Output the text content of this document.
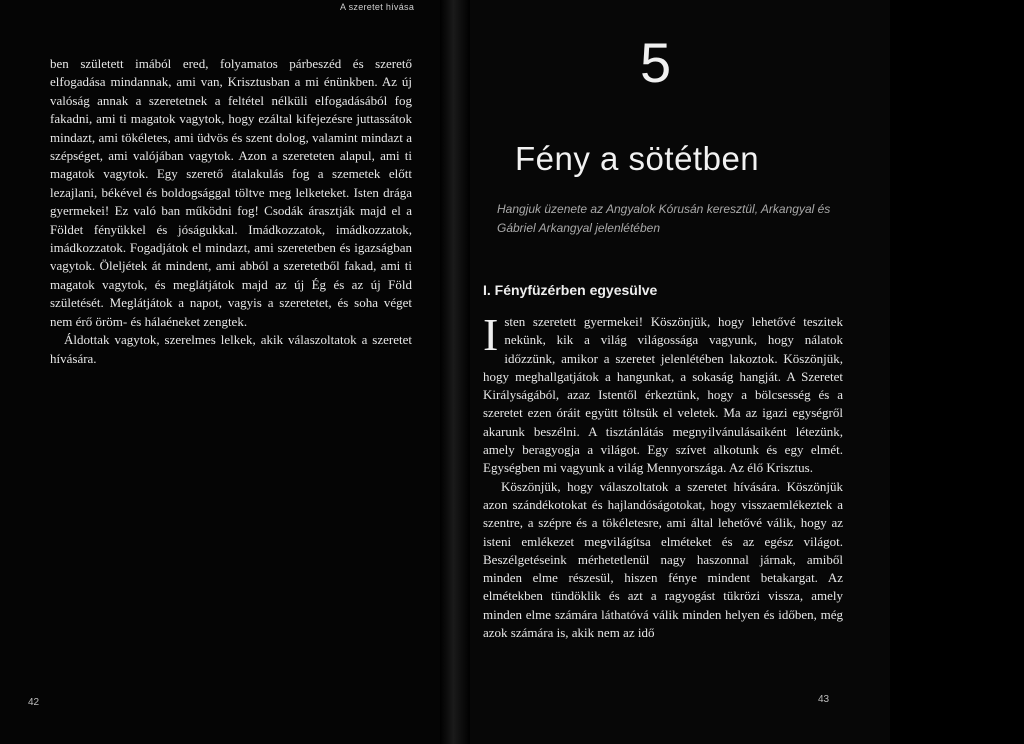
A szeretet hívása

ben született imából ered, folyamatos párbeszéd és szerető elfogadása mindannak, ami van, Krisztusban a mi énünkben. Az új valóság annak a szeretetnek a feltétel nélküli elfogadásából fog fakadni, ami ti magatok vagytok, hogy ezáltal kifejezésre juttassátok mindazt, ami tökéletes, ami üdvös és szent dolog, valamint mindazt a szépséget, ami valójában vagytok. Azon a szereteten alapul, ami ti magatok vagytok. Egy szerető átalakulás fog a szemetek előtt lezajlani, békével és boldogsággal töltve meg lelketeket. Isten drága gyermekei! Ez való ban működni fog! Csodák árasztják majd el a Földet fényükkel és jóságukkal. Imádkozzatok, imádkozzatok, imádkozzatok. Fogadjátok el mindazt, ami szeretetben és igazságban vagytok. Öleljétek át mindent, ami abból a szeretetből fakad, ami ti magatok vagytok, és meglátjátok majd az új Ég és az új Föld születését. Meglátjátok a napot, vagyis a szeretetet, és soha véget nem érő öröm- és hálaéneket zengtek.

Áldottak vagytok, szerelmes lelkek, akik válaszoltatok a szeretet hívására.

42
5
Fény a sötétben
Hangjuk üzenete az Angyalok Kórusán keresztül, Arkangyal és Gábriel Arkangyal jelenlétében
I. Fényfüzérben egyesülve

Isten szeretett gyermekei! Köszönjük, hogy lehetővé teszitek nekünk, kik a világ világossága vagyunk, hogy nálatok időzzünk, amikor a szeretet jelenlétében lakoztok. Köszönjük, hogy meghallgatjátok a hangunkat, a sokaság hangját. A Szeretet Királyságából, azaz Istentől érkeztünk, hogy a bölcsesség és a szeretet ezen óráit együtt töltsük el veletek. Ma az igazi egységről akarunk beszélni. A tisztánlátás megnyilvánulásaiként létezünk, amely beragyogja a világot. Egy szívet alkotunk és egy elmét. Egységben mi vagyunk a világ Mennyországa. Az élő Krisztus.

Köszönjük, hogy válaszoltatok a szeretet hívására. Köszönjük azon szándékotokat és hajlandóságotokat, hogy visszaemlékeztek a szentre, a szépre és a tökéletesre, ami által lehetővé válik, hogy az isteni emlékezet megvilágítsa elméteket és az egész világot. Beszélgetéseink mérhetetlenül nagy haszonnal járnak, amiből minden elme részesül, hiszen fénye mindent betakargat. Az elmétekben tündöklik és azt a ragyogást tükrözi vissza, amely minden elme számára láthatóvá válik minden helyen és időben, még azok számára is, akik nem az idő

43
